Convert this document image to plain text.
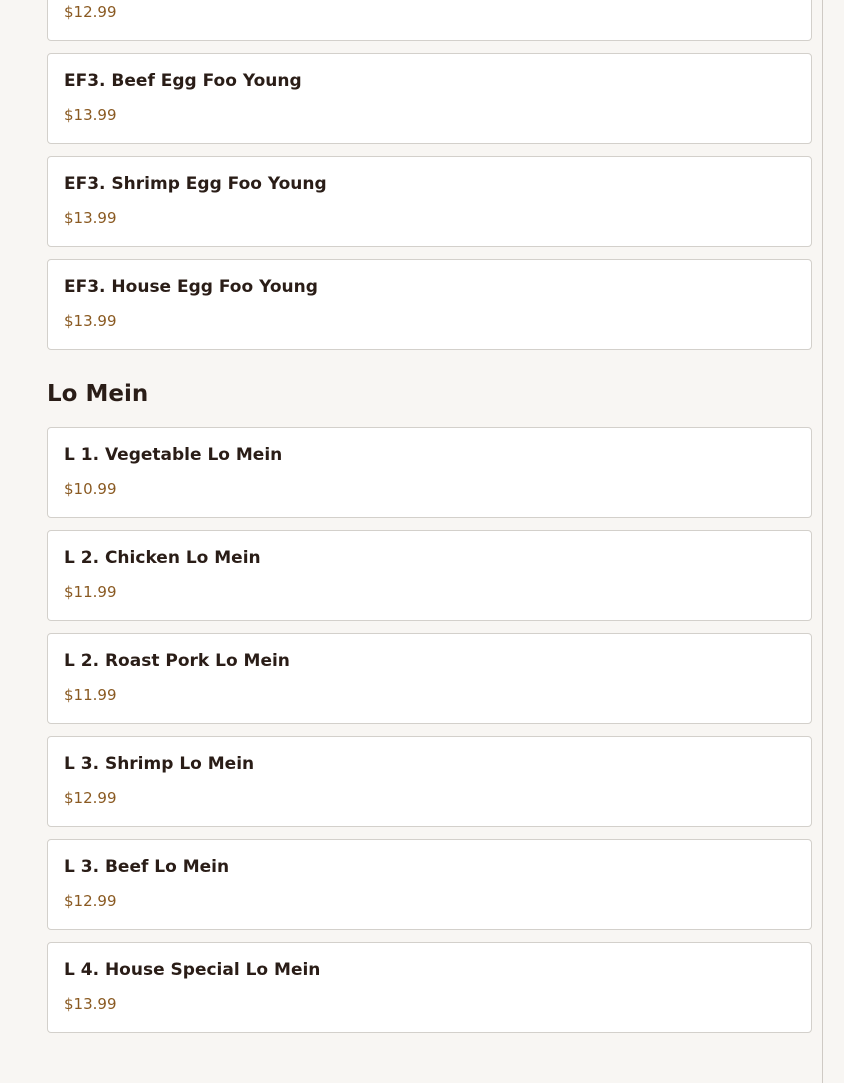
$12.99
EF3. Beef Egg Foo Young
$13.99
EF3. Shrimp Egg Foo Young
$13.99
EF3. House Egg Foo Young
$13.99
Lo Mein
L 1. Vegetable Lo Mein
$10.99
L 2. Chicken Lo Mein
$11.99
L 2. Roast Pork Lo Mein
$11.99
L 3. Shrimp Lo Mein
$12.99
L 3. Beef Lo Mein
$12.99
L 4. House Special Lo Mein
$13.99
